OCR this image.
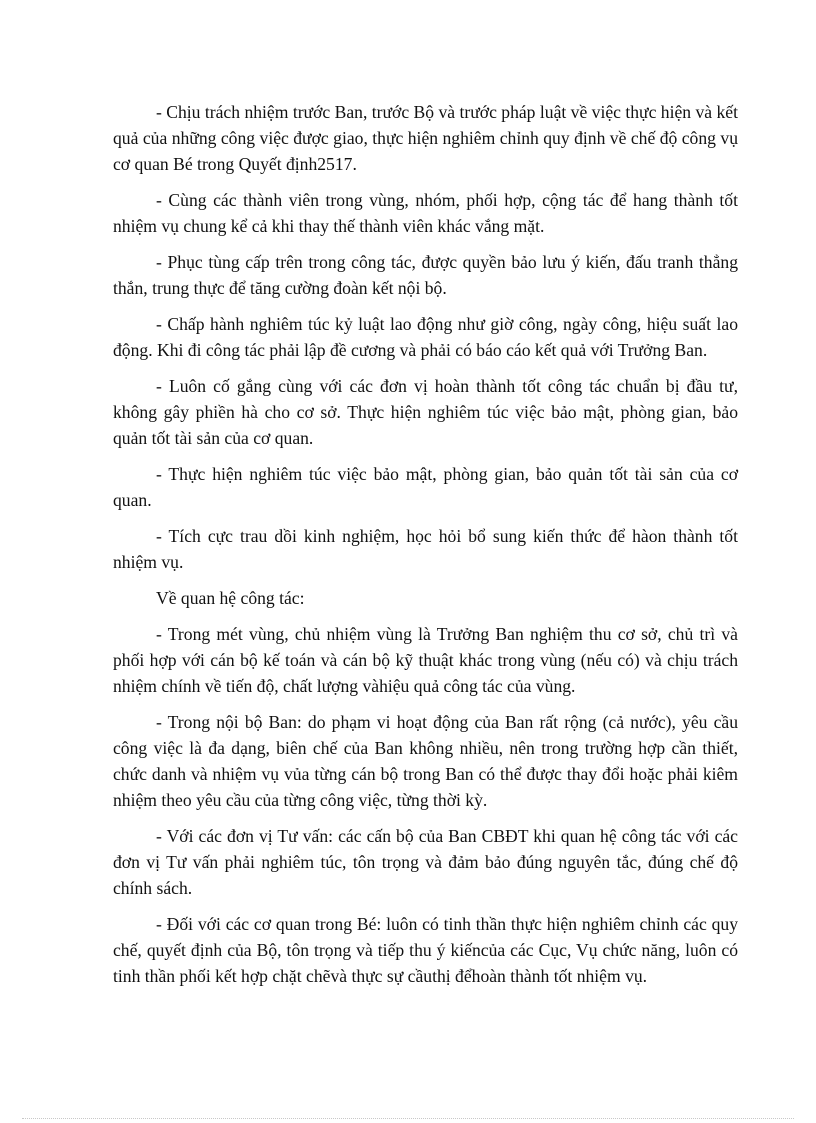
- Chịu trách nhiệm trước Ban, trước Bộ và trước pháp luật về việc thực hiện và kết quả của những công việc được giao, thực hiện nghiêm chỉnh quy định về chế độ công vụ cơ quan Bé trong Quyết định2517.

- Cùng các thành viên trong vùng, nhóm, phối hợp, cộng tác để hang thành tốt nhiệm vụ chung kể cả khi thay thế thành viên khác vắng mặt.

- Phục tùng cấp trên trong công tác, được quyền bảo lưu ý kiến, đấu tranh thẳng thắn, trung thực để tăng cường đoàn kết nội bộ.

- Chấp hành nghiêm túc kỷ luật lao động như giờ công, ngày công, hiệu suất lao động. Khi đi công tác phải lập đề cương và phải có báo cáo kết quả với Trưởng Ban.

- Luôn cố gắng cùng với các đơn vị hoàn thành tốt công tác chuẩn bị đầu tư, không gây phiền hà cho cơ sở. Thực hiện nghiêm túc việc bảo mật, phòng gian, bảo quản tốt tài sản của cơ quan.

- Thực hiện nghiêm túc việc bảo mật, phòng gian, bảo quản tốt tài sản của cơ quan.

- Tích cực trau dồi kinh nghiệm, học hỏi bổ sung kiến thức để hàon thành tốt nhiệm vụ.

Về quan hệ công tác:

- Trong mét vùng, chủ nhiệm vùng là Trưởng Ban nghiệm thu cơ sở, chủ trì và phối hợp với cán bộ kế toán và cán bộ kỹ thuật khác trong vùng (nếu có) và chịu trách nhiệm chính về tiến độ, chất lượng vàhiệu quả công tác của vùng.

- Trong nội bộ Ban: do phạm vi hoạt động của Ban rất rộng (cả nước), yêu cầu công việc là đa dạng, biên chế của Ban không nhiều, nên trong trường hợp cần thiết, chức danh và nhiệm vụ vủa từng cán bộ trong Ban có thể được thay đổi hoặc phải kiêm nhiệm theo yêu cầu của từng công việc, từng thời kỳ.

- Với các đơn vị Tư vấn: các cấn bộ của Ban CBĐT khi quan hệ công tác với các đơn vị Tư vấn phải nghiêm túc, tôn trọng và đảm bảo đúng nguyên tắc, đúng chế độ chính sách.

- Đối với các cơ quan trong Bé: luôn có tinh thần thực hiện nghiêm chỉnh các quy chế, quyết định của Bộ, tôn trọng và tiếp thu ý kiếncủa các Cục, Vụ chức năng, luôn có tinh thần phối kết hợp chặt chẽvà thực sự cầuthị đểhoàn thành tốt nhiệm vụ.
